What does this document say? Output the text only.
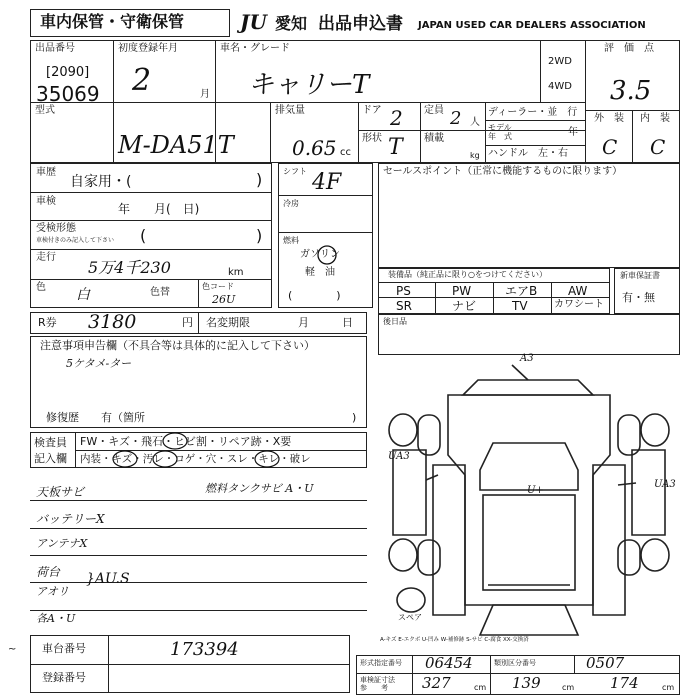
車内保管・守衛保管	JU 愛知 出品申込書 JAPAN USED CAR DEALERS ASSOCIATION
出品番号
[2090]
35069
初度登録年月
2	月
車名・グレード
キャリーT
2WD
4WD
評　価　点
3.5
外　装 内　装
C C
型式
M-DA51T
排気量
0.65 cc
ドア 2 定員 2 人
形状 T 積載
kg
ディーラー・並　行
モデル
年　式	年
ハンドル　左・右
車歴
自家用・(	)
車検
年　　月(　日)
受検形態
車検付きのみ記入して下さい (	)
走行
5万4千230	km
色 白	色替
色コード
26U
シフト 4F
冷房
燃料
ガソリン
軽　油
(　　　　)
セールスポイント（正常に機能するものに限ります）
装備品（純正品に限り○をつけてください）
PS	PW	エアB	AW
SR	ナビ	TV	カワシート
新車保証書
有・無
R券 3180	円 名変期限	月　　　日	後日品
注意事項申告欄（不具合等は具体的に記入して下さい）
5ケタメ-ター
修復歴　　有（箇所	)
検査員
記入欄
FW・キズ・飛石・ヒビ割・リペア跡・X要
内装・キズ・汚レ・コゲ・穴・スレ・キレ・破レ
天板サビ	燃料タンクサビ A・U
バッテリーX
アンテナX
荷台 }AU.S
アオリ
各A・U
A3
UA3
UA3
U+
スペア
A-キズ E-エクボ U-凹み W-補修跡 S-サビ C-腐食 XX-交換済
車台番号	173394
登録番号
~
形式指定番号 06454	類別区分番号	0507
車検証寸法
参　　考	327	cm 139	cm 174	cm
